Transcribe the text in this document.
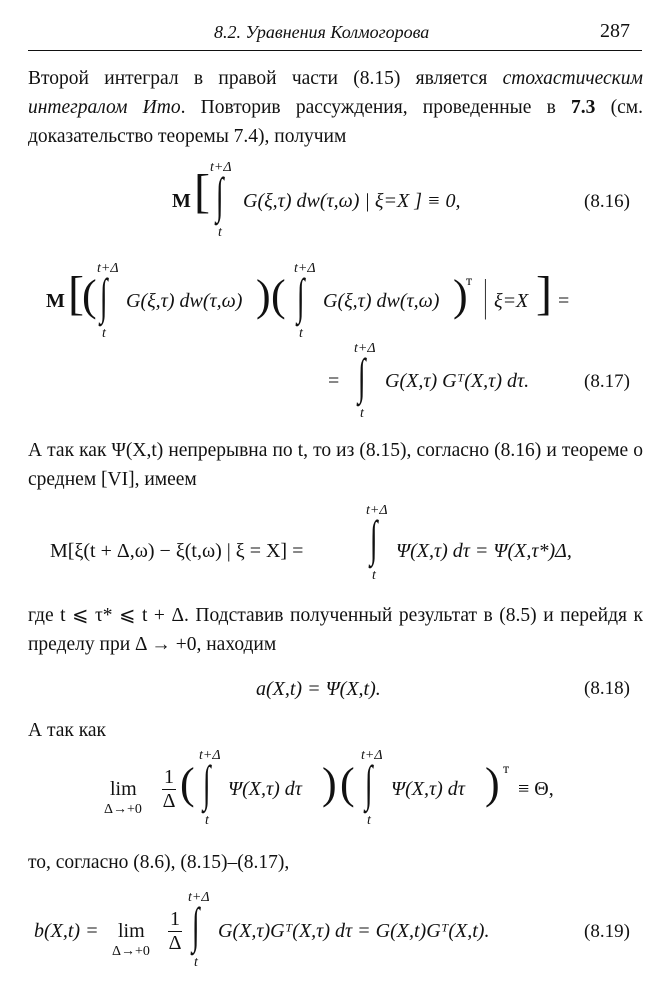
8.2. Уравнения Колмогорова	287
Второй интеграл в правой части (8.15) является стохастическим интегралом Ито. Повторив рассуждения, проведенные в 7.3 (см. доказательство теоремы 7.4), получим
M [ t+Δ
∫
t
G(ξ,τ) dw(τ,ω) | ξ=X ] ≡ 0,	(8.16)
M [
(
t+Δ
∫
t
G(ξ,τ) dw(τ,ω) ) (
t+Δ
∫
t
G(ξ,τ) dw(τ,ω) )
т | ξ=X ] =
=
t+Δ
∫
t
G(X,τ) Gᵀ(X,τ) dτ.	(8.17)
А так как Ψ(X,t) непрерывна по t, то из (8.15), согласно (8.16) и теореме о среднем [VI], имеем
M[ξ(t + Δ,ω) − ξ(t,ω) | ξ = X] =
t+Δ
∫
t
Ψ(X,τ) dτ = Ψ(X,τ*)Δ,
где t ⩽ τ* ⩽ t + Δ. Подставив полученный результат в (8.5) и перейдя к пределу при Δ → +0, находим
a(X,t) = Ψ(X,t).	(8.18)
А так как
lim
Δ→+0
1
Δ (
t+Δ
∫
t
Ψ(X,τ) dτ ) (
t+Δ
∫
t
Ψ(X,τ) dτ ) т
≡ Θ,
то, согласно (8.6), (8.15)–(8.17),
b(X,t) = lim
Δ→+0
1
Δ
t+Δ
∫
t
G(X,τ)Gᵀ(X,τ) dτ = G(X,t)Gᵀ(X,t).	(8.19)
